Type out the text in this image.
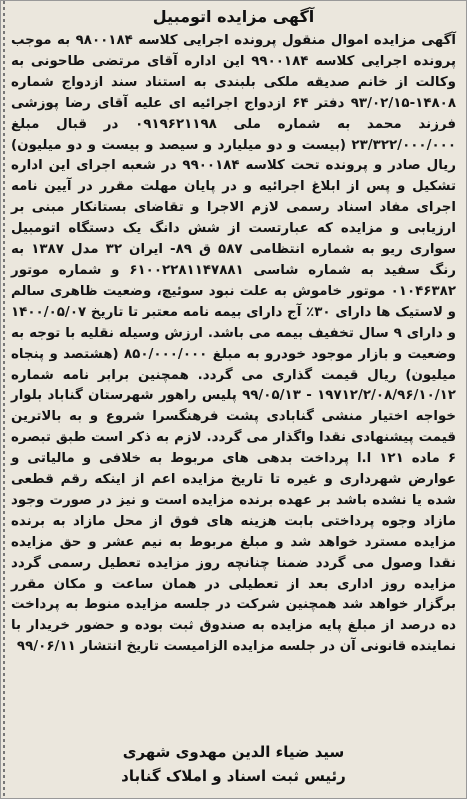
آگهی مزایده اتومبیل

آگهی مزایده اموال منقول پرونده اجرایی کلاسه ۹۸۰۰۱۸۴ به موجب پرونده اجرایی کلاسه ۹۹۰۰۱۸۴ این اداره آقای مرتضی طاحونی به وکالت از خانم صدیقه ملکی بلبندی به استناد سند ازدواج شماره ۱۴۸۰۸-۹۳/۰۲/۱۵ دفتر ۶۴ ازدواج اجرائیه ای علیه آقای رضا پوزشی فرزند محمد به شماره ملی ۰۹۱۹۶۲۱۱۹۸ در قبال مبلغ ۲۳/۳۲۲/۰۰۰/۰۰۰ (بیست و دو میلیارد و سیصد و بیست و دو میلیون) ریال صادر و پرونده تحت کلاسه ۹۹۰۰۱۸۴ در شعبه اجرای این اداره تشکیل و پس از ابلاغ اجرائیه و در پایان مهلت مقرر در آیین نامه اجرای مفاد اسناد رسمی لازم الاجرا و تقاضای بستانکار مبنی بر ارزیابی و مزایده که عبارتست از شش دانگ یک دستگاه اتومبیل سواری ریو به شماره انتظامی ۵۸۷ ق ۸۹- ایران ۳۲ مدل ۱۳۸۷ به رنگ سفید به شماره شاسی ۶۱۰۰۲۲۸۱۱۴۷۸۸۱ و شماره موتور ۰۱۰۴۶۳۸۲ موتور خاموش به علت نبود سوئیچ، وضعیت ظاهری سالم و لاستیک ها دارای ۳۰٪ آج دارای بیمه نامه معتبر تا تاریخ ۱۴۰۰/۰۵/۰۷ و دارای ۹ سال تخفیف بیمه می باشد. ارزش وسیله نقلیه با توجه به وضعیت و بازار موجود خودرو به مبلغ ۸۵۰/۰۰۰/۰۰۰ (هشتصد و پنجاه میلیون) ریال قیمت گذاری می گردد. همچنین برابر نامه شماره ۱۹۷۱۲/۲/۰۸/۹۶/۱۰/۱۲ - ۹۹/۰۵/۱۳ پلیس راهور شهرستان گناباد بلوار خواجه اختیار منشی گنابادی پشت فرهنگسرا شروع و به بالاترین قیمت پیشنهادی نقدا واگذار می گردد. لازم به ذکر است طبق تبصره ۶ ماده ۱۲۱ ا.ا پرداخت بدهی های مربوط به خلافی و مالیاتی و عوارض شهرداری و غیره تا تاریخ مزایده اعم از اینکه رقم قطعی شده یا نشده باشد بر عهده برنده مزایده است و نیز در صورت وجود مازاد وجوه پرداختی بابت هزینه های فوق از محل مازاد به برنده مزایده مسترد خواهد شد و مبلغ مربوط به نیم عشر و حق مزایده نقدا وصول می گردد ضمنا چنانچه روز مزایده تعطیل رسمی گردد مزایده روز اداری بعد از تعطیلی در همان ساعت و مکان مقرر برگزار خواهد شد همچنین شرکت در جلسه مزایده منوط به پرداخت ده درصد از مبلغ پایه مزایده به صندوق ثبت بوده و حضور خریدار با نماینده قانونی آن در جلسه مزایده الزامیست تاریخ انتشار ۹۹/۰۶/۱۱

سید ضیاء الدین مهدوی شهری
رئیس ثبت اسناد و املاک گناباد
